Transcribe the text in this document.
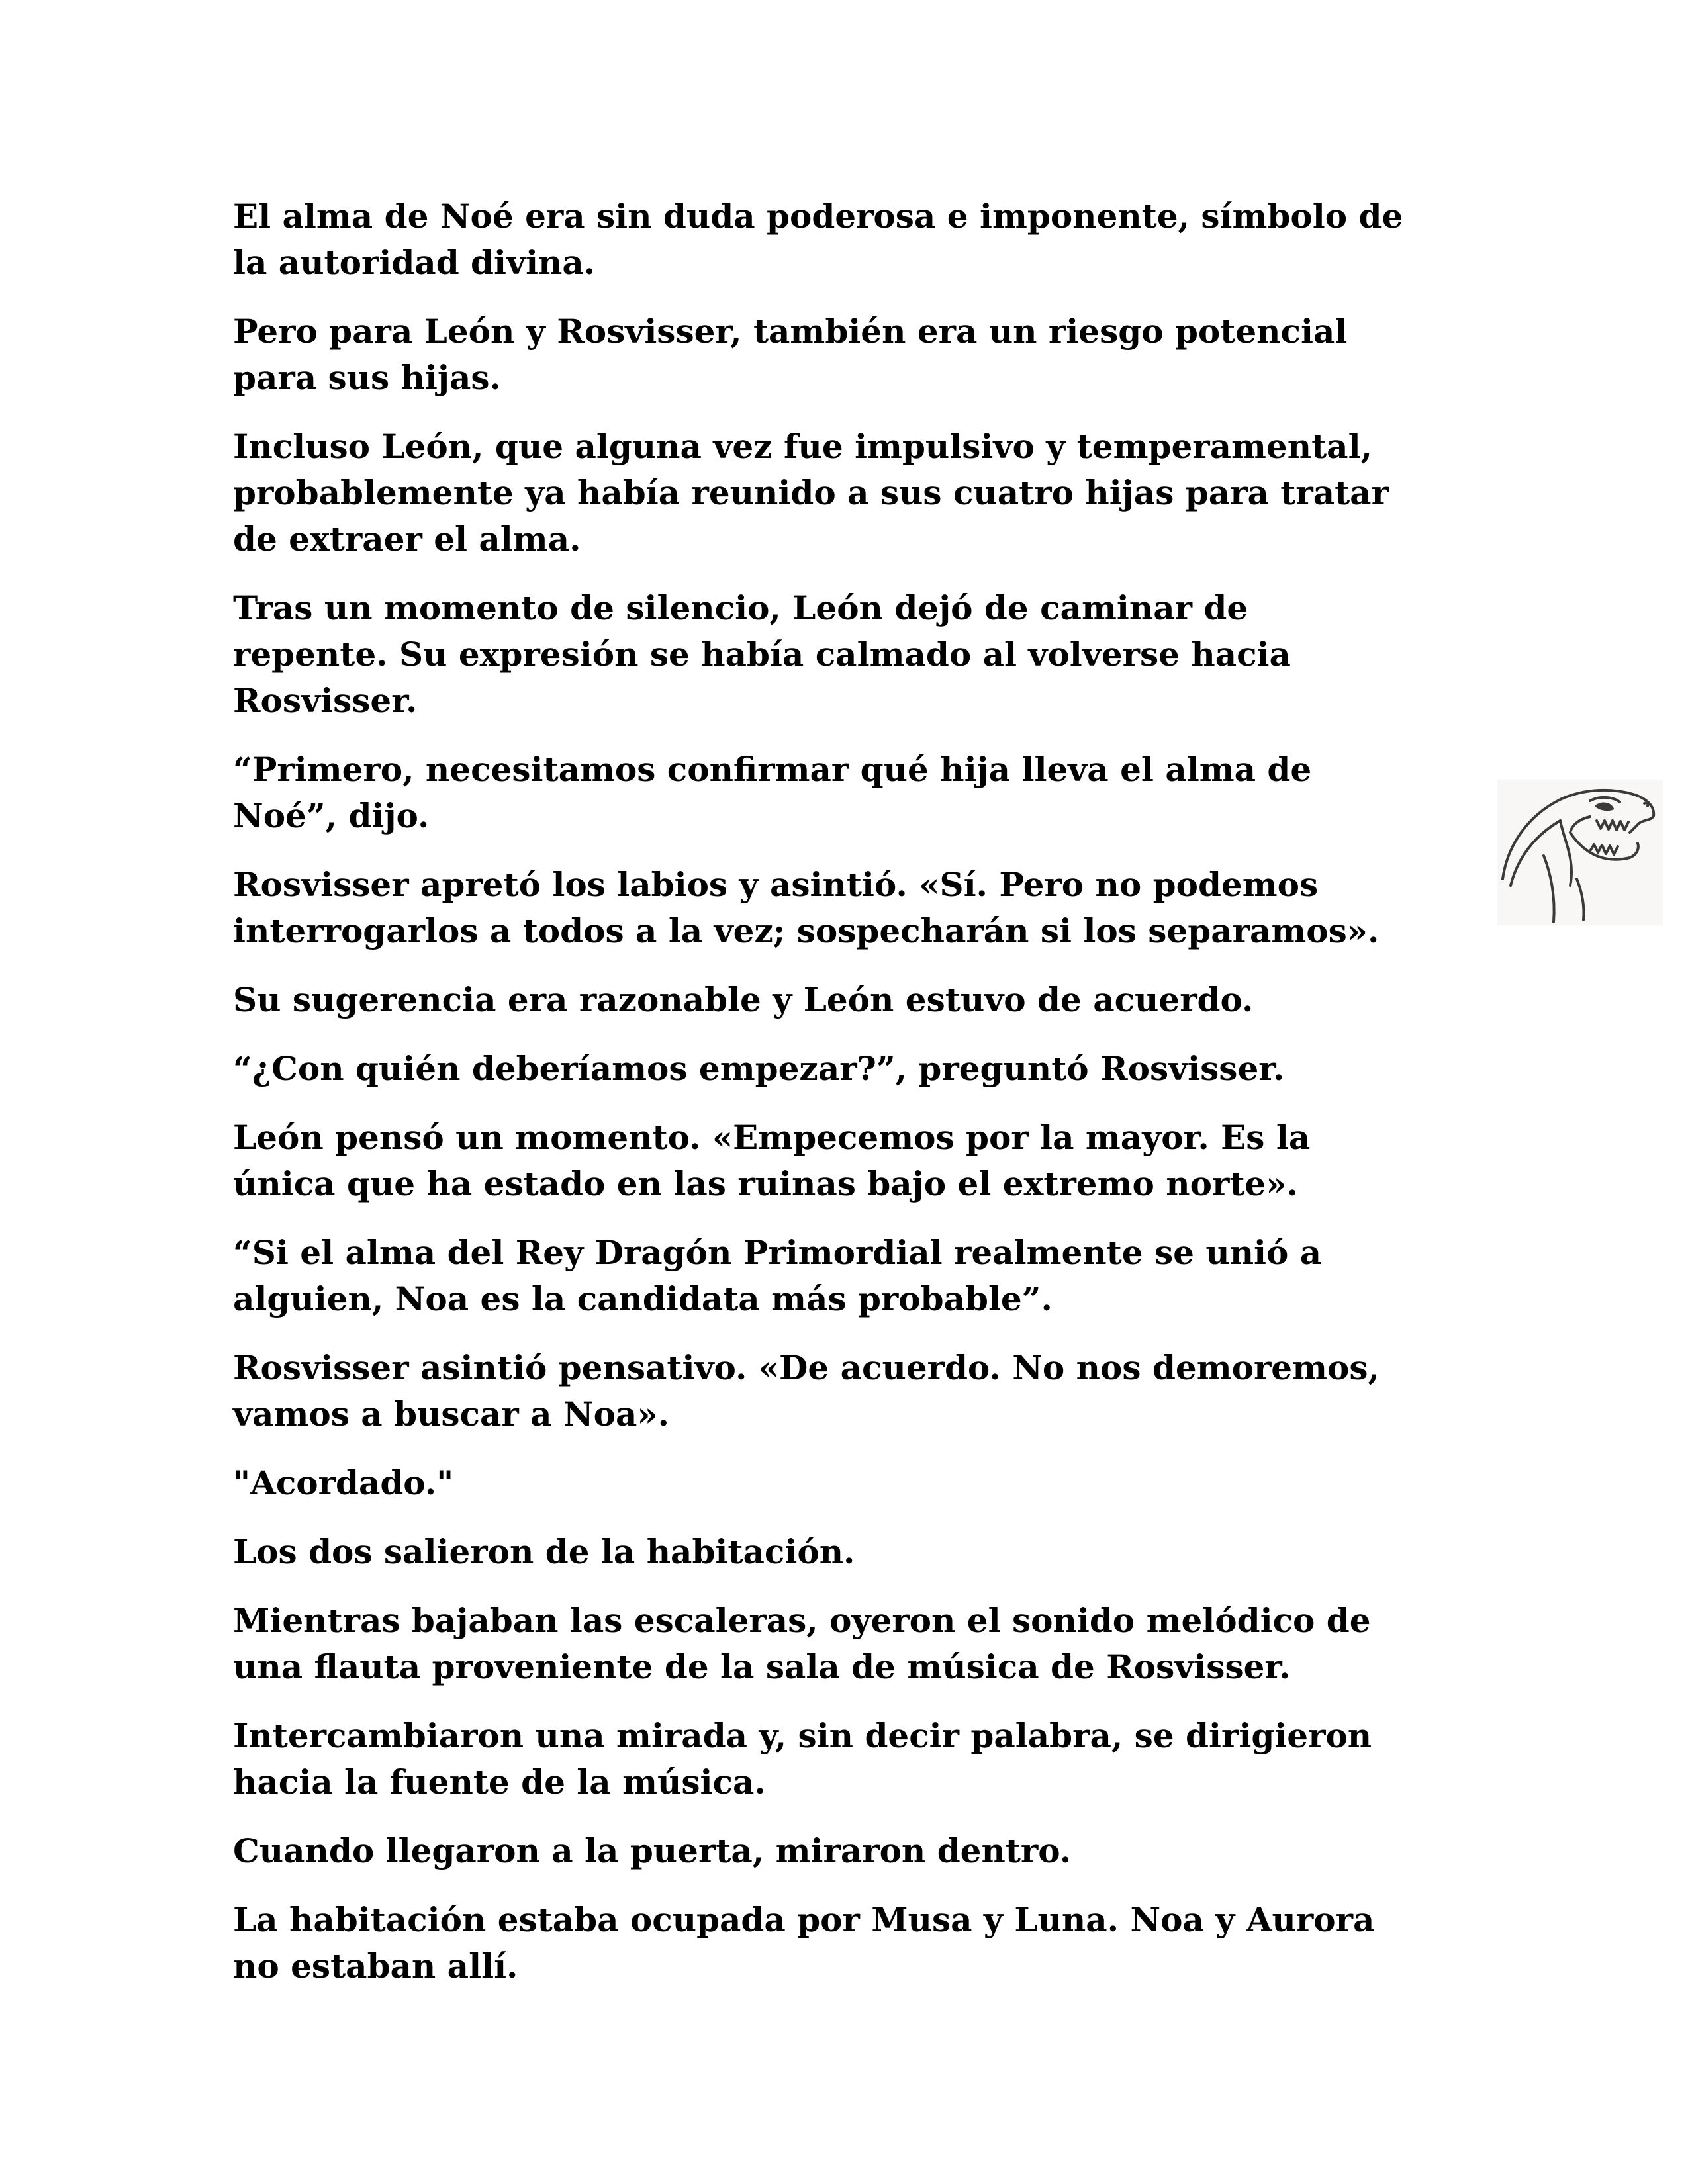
El alma de Noé era sin duda poderosa e imponente, símbolo de
la autoridad divina.

Pero para León y Rosvisser, también era un riesgo potencial
para sus hijas.

Incluso León, que alguna vez fue impulsivo y temperamental,
probablemente ya había reunido a sus cuatro hijas para tratar
de extraer el alma.

Tras un momento de silencio, León dejó de caminar de
repente. Su expresión se había calmado al volverse hacia
Rosvisser.

“Primero, necesitamos confirmar qué hija lleva el alma de
Noé”, dijo.

Rosvisser apretó los labios y asintió. «Sí. Pero no podemos
interrogarlos a todos a la vez; sospecharán si los separamos».

Su sugerencia era razonable y León estuvo de acuerdo.

“¿Con quién deberíamos empezar?”, preguntó Rosvisser.

León pensó un momento. «Empecemos por la mayor. Es la
única que ha estado en las ruinas bajo el extremo norte».

“Si el alma del Rey Dragón Primordial realmente se unió a
alguien, Noa es la candidata más probable”.

Rosvisser asintió pensativo. «De acuerdo. No nos demoremos,
vamos a buscar a Noa».

"Acordado."

Los dos salieron de la habitación.

Mientras bajaban las escaleras, oyeron el sonido melódico de
una flauta proveniente de la sala de música de Rosvisser.

Intercambiaron una mirada y, sin decir palabra, se dirigieron
hacia la fuente de la música.

Cuando llegaron a la puerta, miraron dentro.

La habitación estaba ocupada por Musa y Luna. Noa y Aurora
no estaban allí.
